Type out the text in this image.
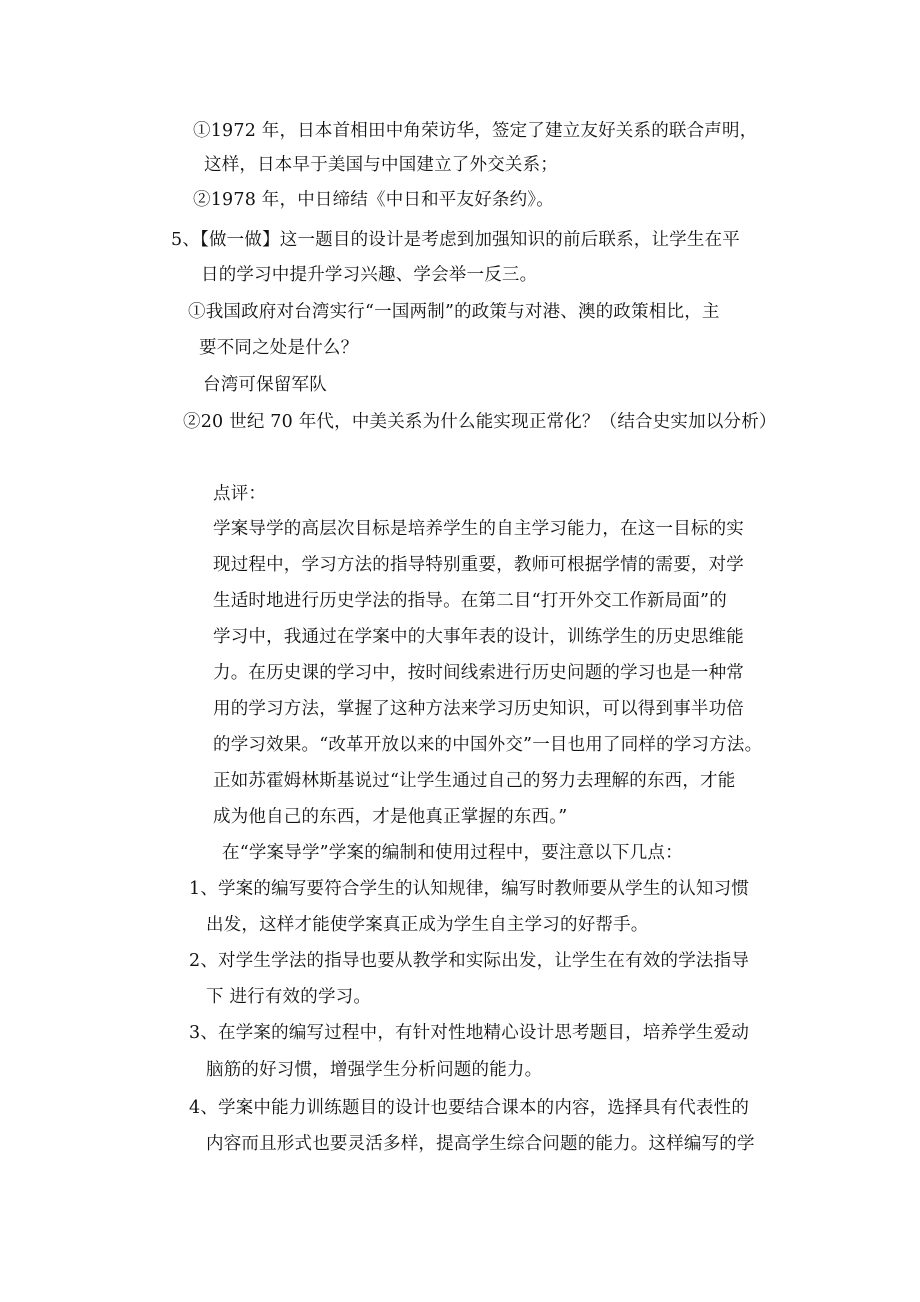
①1972 年，日本首相田中角荣访华，签定了建立友好关系的联合声明，

这样，日本早于美国与中国建立了外交关系；

②1978 年，中日缔结《中日和平友好条约》。

5、【做一做】这一题目的设计是考虑到加强知识的前后联系，让学生在平

日的学习中提升学习兴趣、学会举一反三。

①我国政府对台湾实行“一国两制”的政策与对港、澳的政策相比，主

要不同之处是什么？

台湾可保留军队

②20 世纪 70 年代，中美关系为什么能实现正常化？（结合史实加以分析）

点评：

学案导学的高层次目标是培养学生的自主学习能力，在这一目标的实

现过程中，学习方法的指导特别重要，教师可根据学情的需要，对学

生适时地进行历史学法的指导。在第二目“打开外交工作新局面”的

学习中，我通过在学案中的大事年表的设计，训练学生的历史思维能

力。在历史课的学习中，按时间线索进行历史问题的学习也是一种常

用的学习方法，掌握了这种方法来学习历史知识，可以得到事半功倍

的学习效果。“改革开放以来的中国外交”一目也用了同样的学习方法。

正如苏霍姆林斯基说过“让学生通过自己的努力去理解的东西，才能

成为他自己的东西，才是他真正掌握的东西。”

在“学案导学”学案的编制和使用过程中，要注意以下几点：

1、学案的编写要符合学生的认知规律，编写时教师要从学生的认知习惯

出发，这样才能使学案真正成为学生自主学习的好帮手。

2、对学生学法的指导也要从教学和实际出发，让学生在有效的学法指导

下 进行有效的学习。

3、在学案的编写过程中，有针对性地精心设计思考题目，培养学生爱动

脑筋的好习惯，增强学生分析问题的能力。

4、学案中能力训练题目的设计也要结合课本的内容，选择具有代表性的

内容而且形式也要灵活多样，提高学生综合问题的能力。这样编写的学
